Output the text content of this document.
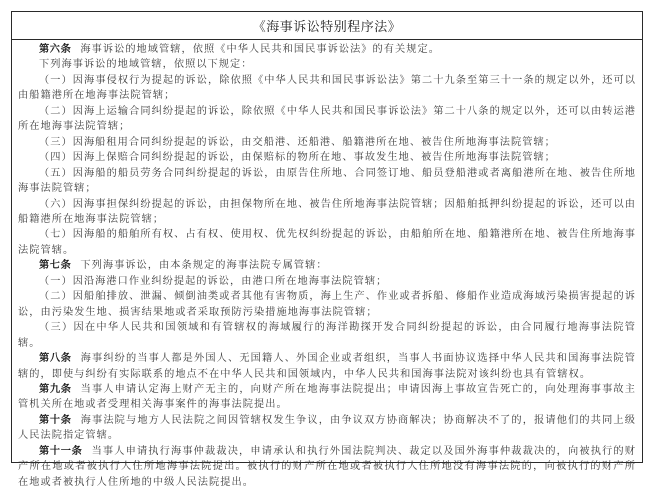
《海事诉讼特别程序法》

第六条 海事诉讼的地域管辖，依照《中华人民共和国民事诉讼法》的有关规定。

下列海事诉讼的地域管辖，依照以下规定：

（一）因海事侵权行为提起的诉讼，除依照《中华人民共和国民事诉讼法》第二十九条至第三十一条的规定以外，还可以由船籍港所在地海事法院管辖；

（二）因海上运输合同纠纷提起的诉讼，除依照《中华人民共和国民事诉讼法》第二十八条的规定以外，还可以由转运港所在地海事法院管辖；

（三）因海船租用合同纠纷提起的诉讼，由交船港、还船港、船籍港所在地、被告住所地海事法院管辖；

（四）因海上保赔合同纠纷提起的诉讼，由保赔标的物所在地、事故发生地、被告住所地海事法院管辖；

（五）因海船的船员劳务合同纠纷提起的诉讼，由原告住所地、合同签订地、船员登船港或者离船港所在地、被告住所地海事法院管辖；

（六）因海事担保纠纷提起的诉讼，由担保物所在地、被告住所地海事法院管辖；因船舶抵押纠纷提起的诉讼，还可以由船籍港所在地海事法院管辖；

（七）因海船的船舶所有权、占有权、使用权、优先权纠纷提起的诉讼，由船舶所在地、船籍港所在地、被告住所地海事法院管辖。

第七条 下列海事诉讼，由本条规定的海事法院专属管辖：

（一）因沿海港口作业纠纷提起的诉讼，由港口所在地海事法院管辖；

（二）因船舶排放、泄漏、倾倒油类或者其他有害物质，海上生产、作业或者拆船、修船作业造成海域污染损害提起的诉讼，由污染发生地、损害结果地或者采取预防污染措施地海事法院管辖；

（三）因在中华人民共和国领域和有管辖权的海域履行的海洋勘探开发合同纠纷提起的诉讼，由合同履行地海事法院管辖。

第八条 海事纠纷的当事人都是外国人、无国籍人、外国企业或者组织，当事人书面协议选择中华人民共和国海事法院管辖的，即使与纠纷有实际联系的地点不在中华人民共和国领域内，中华人民共和国海事法院对该纠纷也具有管辖权。

第九条 当事人申请认定海上财产无主的，向财产所在地海事法院提出；申请因海上事故宣告死亡的，向处理海事事故主管机关所在地或者受理相关海事案件的海事法院提出。

第十条 海事法院与地方人民法院之间因管辖权发生争议，由争议双方协商解决；协商解决不了的，报请他们的共同上级人民法院指定管辖。

第十一条 当事人申请执行海事仲裁裁决，申请承认和执行外国法院判决、裁定以及国外海事仲裁裁决的，向被执行的财产所在地或者被执行人住所地海事法院提出。被执行的财产所在地或者被执行人住所地没有海事法院的，向被执行的财产所在地或者被执行人住所地的中级人民法院提出。
